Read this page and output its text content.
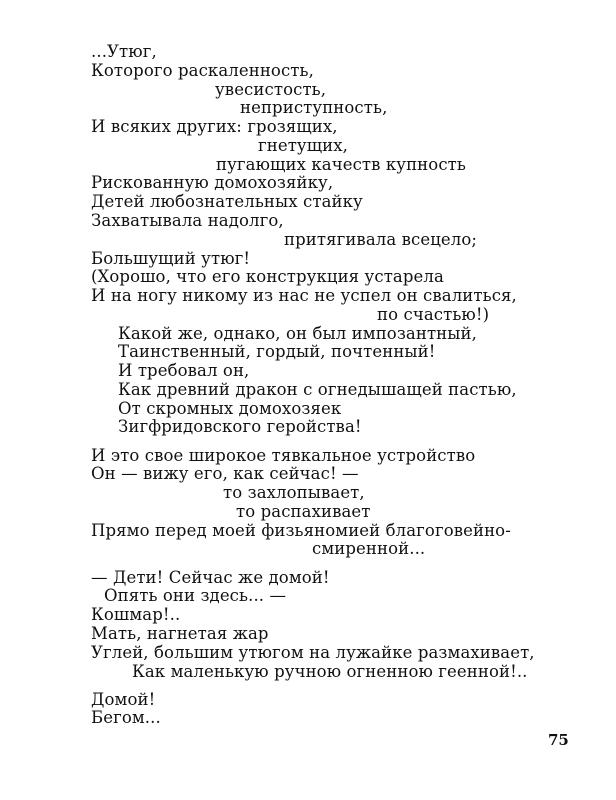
...Утюг,
Которого раскаленность,
увесистость,
неприступность,
И всяких других: грозящих,
гнетущих,
пугающих качеств купность
Рискованную домохозяйку,
Детей любознательных стайку
Захватывала надолго,
притягивала всецело;
Большущий утюг!
(Хорошо, что его конструкция устарела
И на ногу никому из нас не успел он свалиться,
по счастью!)
Какой же, однако, он был импозантный,
Таинственный, гордый, почтенный!
И требовал он,
Как древний дракон с огнедышащей пастью,
От скромных домохозяек
Зигфридовского геройства!
И это свое широкое тявкальное устройство
Он — вижу его, как сейчас! —
то захлопывает,
то распахивает
Прямо перед моей физьяномией благоговейно-
смиренной...
— Дети! Сейчас же домой!
Опять они здесь... —
Кошмар!..
Мать, нагнетая жар
Углей, большим утюгом на лужайке размахивает,
Как маленькую ручною огненною геенной!..
Домой!
Бегом...
75
